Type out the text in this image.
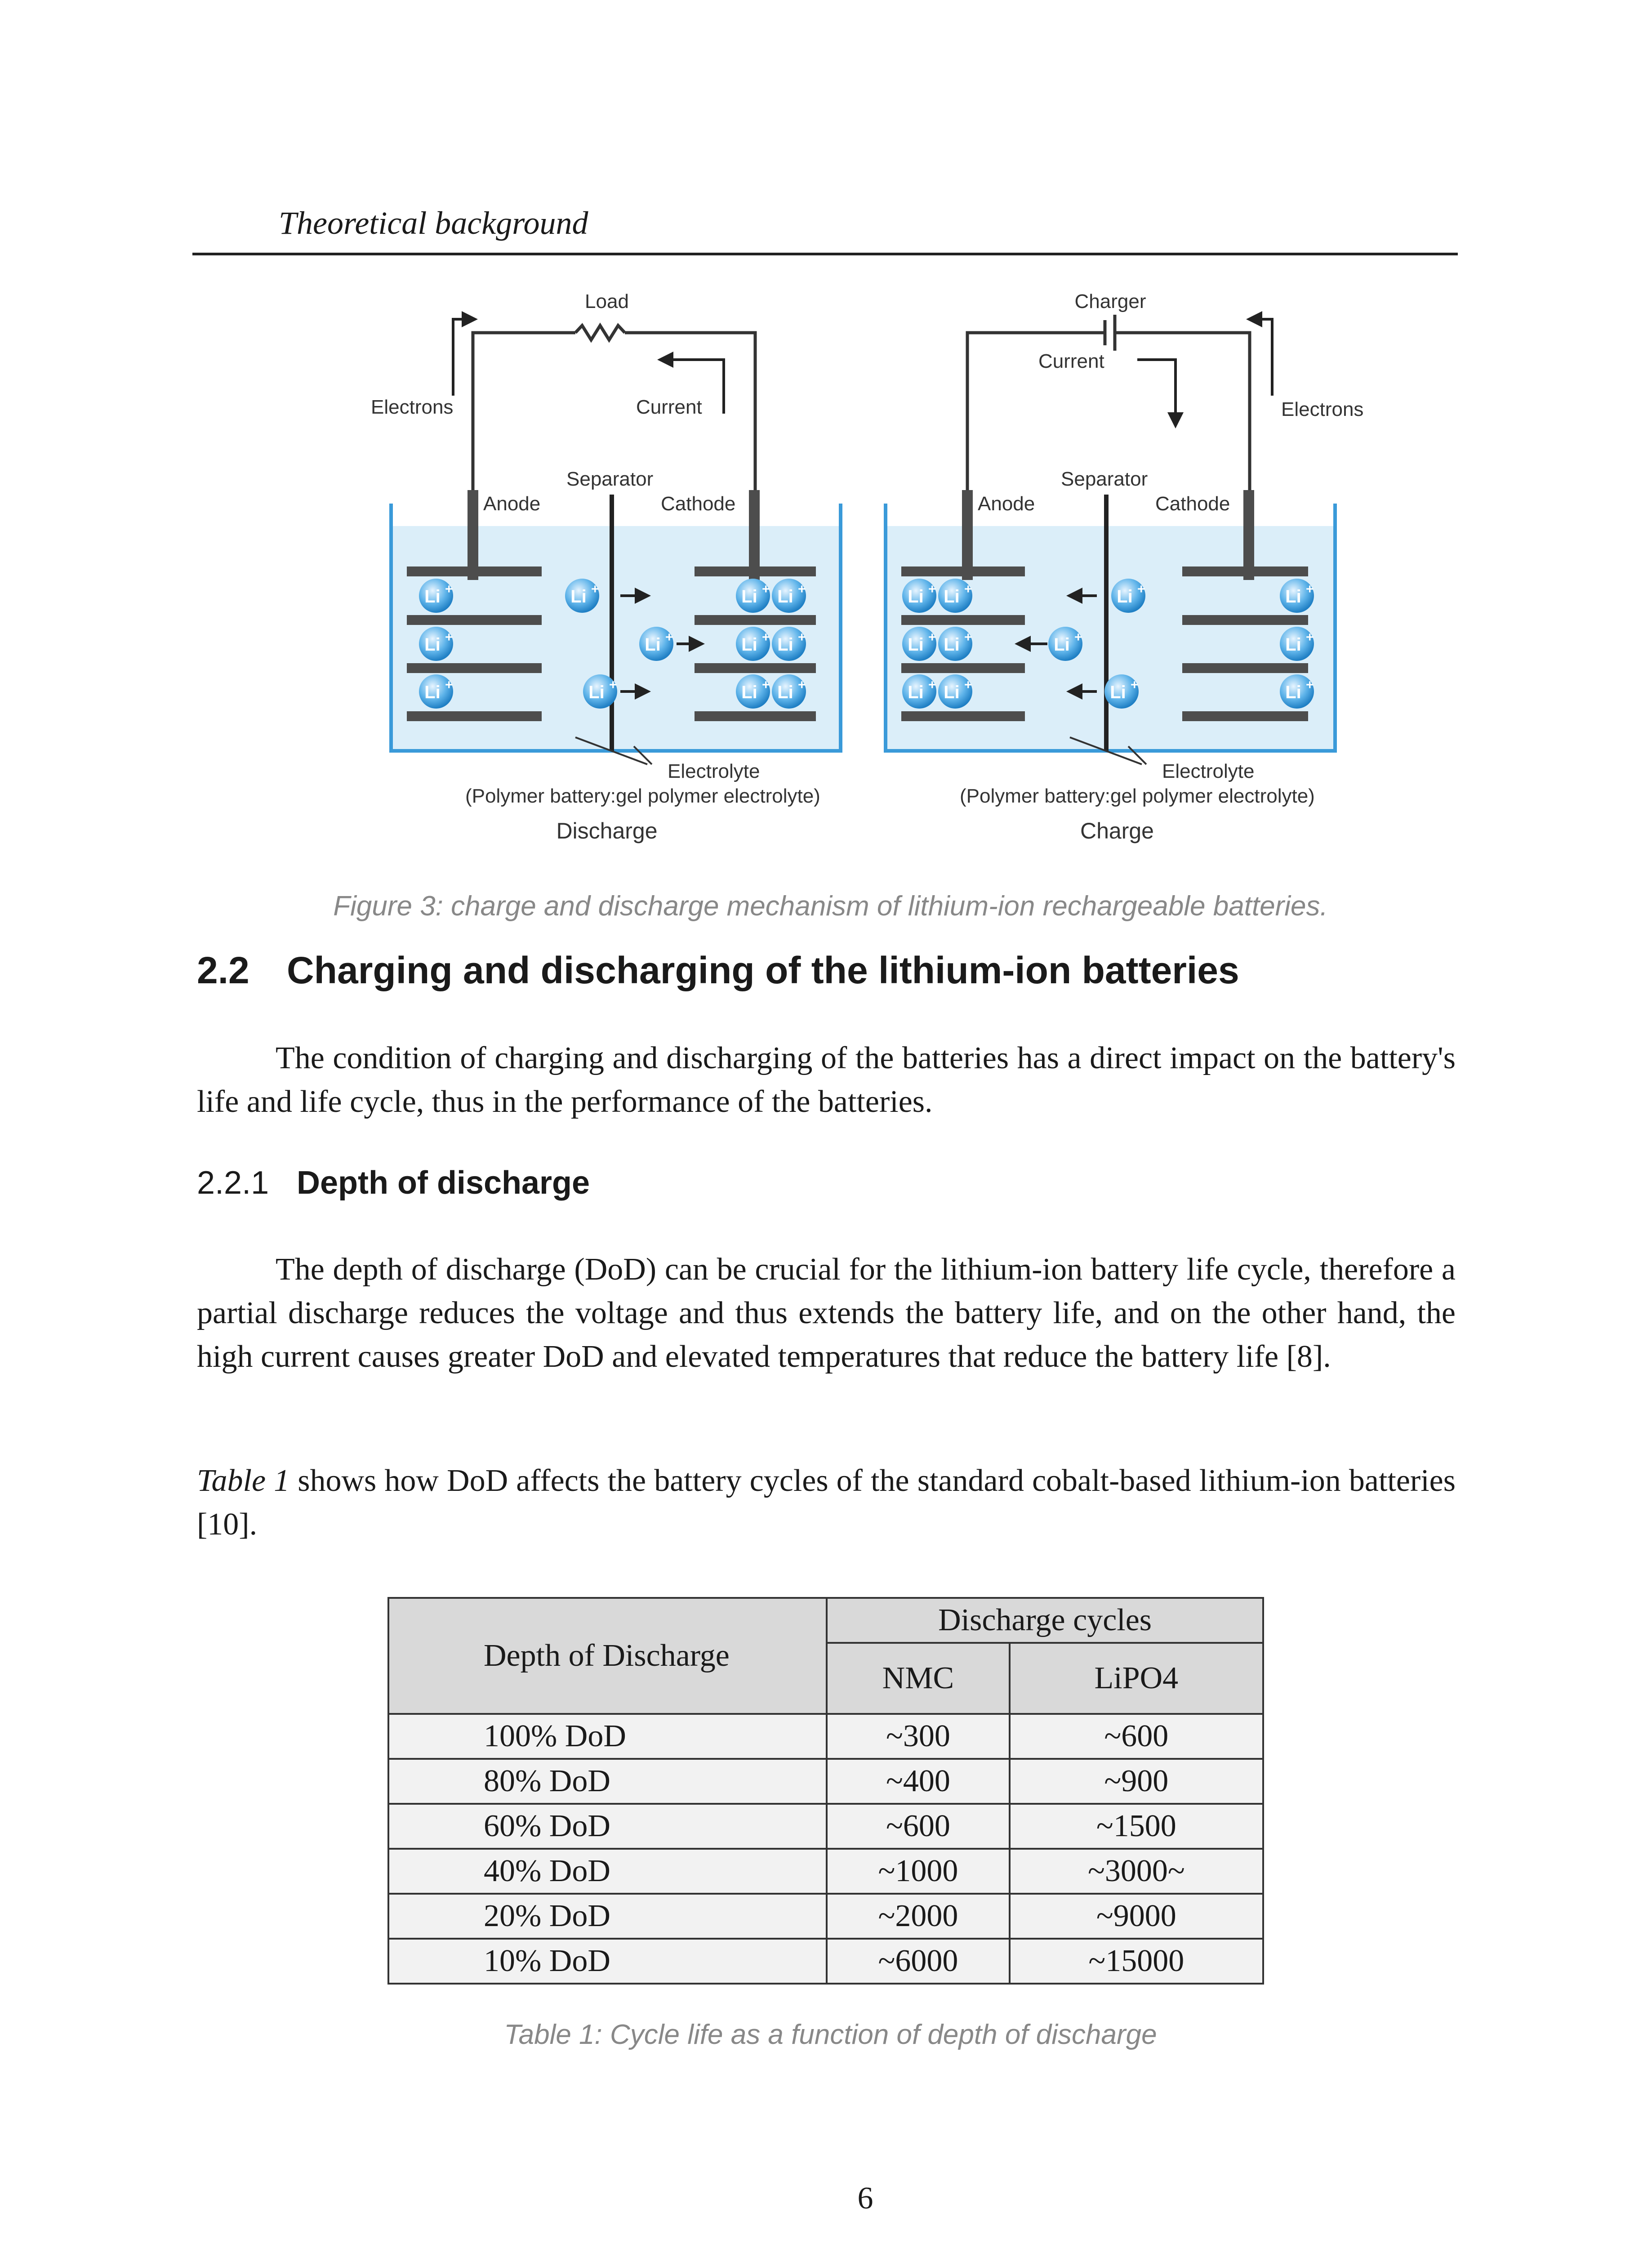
Theoretical background
Load
Electrons	Current
Separator
Anode	Cathode
Li +
Li +
Li +
Li +
Li +
Li +
Li + Li +
Li + Li +
Li + Li +
Electrolyte
(Polymer battery:gel polymer electrolyte)
Discharge
Charger
Current
Electrons
Separator
Anode	Cathode
Li + Li +
Li + Li +
Li + Li +
Li +
Li +
Li +
Li +
Li +
Li +
Electrolyte
(Polymer battery:gel polymer electrolyte)
Charge
Figure 3: charge and discharge mechanism of lithium-ion rechargeable batteries.
2.2 Charging and discharging of the lithium-ion batteries
The condition of charging and discharging of the batteries has a direct impact on the battery's life and life cycle, thus in the performance of the batteries.
2.2.1 Depth of discharge
The depth of discharge (DoD) can be crucial for the lithium-ion battery life cycle, therefore a partial discharge reduces the voltage and thus extends the battery life, and on the other hand, the high current causes greater DoD and elevated temperatures that reduce the battery life [8].
Table 1 shows how DoD affects the battery cycles of the standard cobalt-based lithium-ion batteries [10].
Depth of Discharge	Discharge cycles	
	NMC	LiPO4
100% DoD	~300	~600
80% DoD	~400	~900
60% DoD	~600	~1500
40% DoD	~1000	~3000~
20% DoD	~2000	~9000
10% DoD	~6000	~15000
Table 1: Cycle life as a function of depth of discharge
6
